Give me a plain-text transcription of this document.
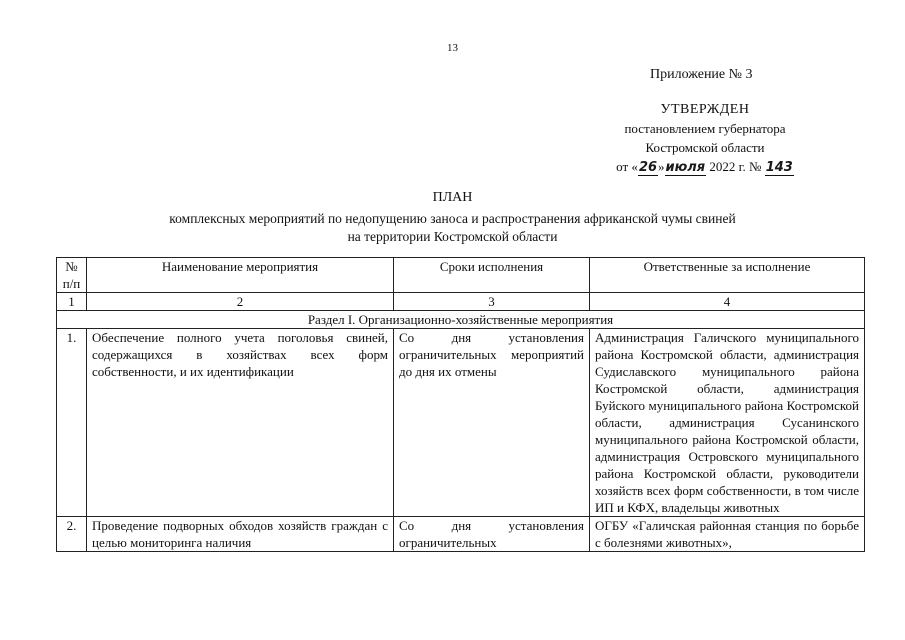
13
Приложение № 3
УТВЕРЖДЕН
постановлением губернатора
Костромской области
от «26»июля 2022 г. № 143
ПЛАН
комплексных мероприятий по недопущению заноса и распространения африканской чумы свиней
на территории Костромской области
№ п/п	Наименование мероприятия	Сроки исполнения	Ответственные за исполнение
1	2	3	4
Раздел I. Организационно-хозяйственные мероприятия			
1.	Обеспечение полного учета поголовья свиней, содержащихся в хозяйствах всех форм собственности, и их идентификации	Со дня установления ограничительных мероприятий до дня их отмены	Администрация Галичского муниципального района Костромской области, администрация Судиславского муниципального района Костромской области, администрация Буйского муниципального района Костромской области, администрация Сусанинского муниципального района Костромской области, администрация Островского муниципального района Костромской области, руководители хозяйств всех форм собственности, в том числе ИП и КФХ, владельцы животных
2.	Проведение подворных обходов хозяйств граждан с целью мониторинга наличия	Со дня установления ограничительных	ОГБУ «Галичская районная станция по борьбе с болезнями животных»,
